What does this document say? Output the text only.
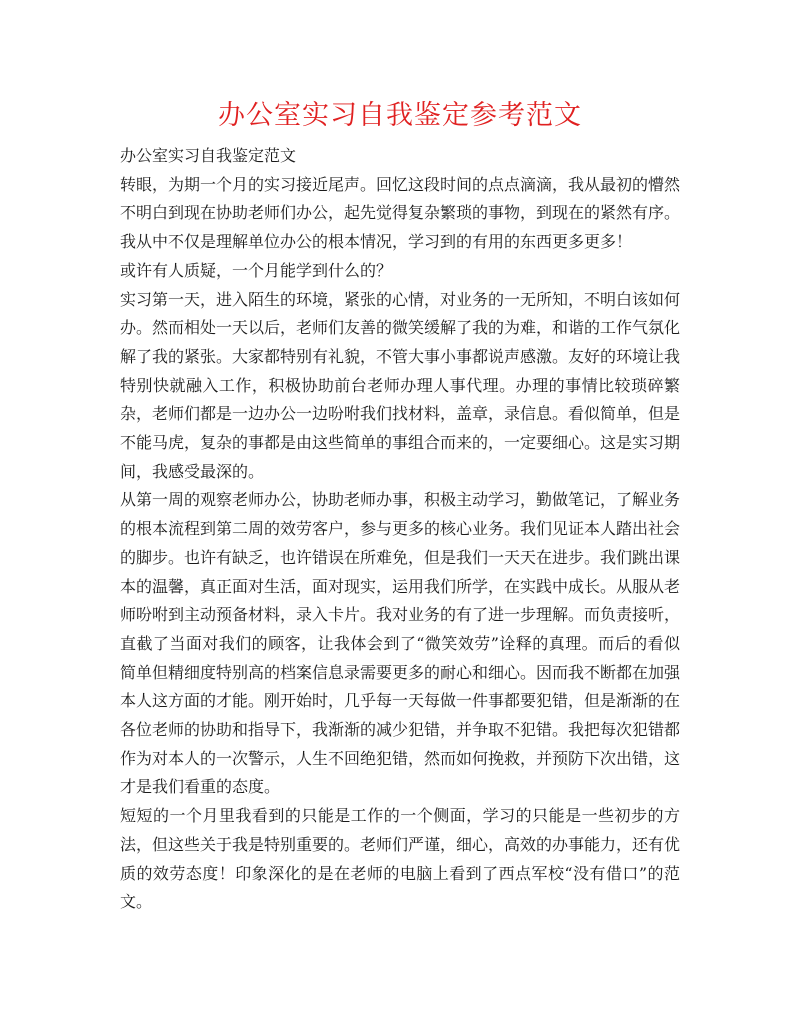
办公室实习自我鉴定参考范文

办公室实习自我鉴定范文

转眼，为期一个月的实习接近尾声。回忆这段时间的点点滴滴，我从最初的懵然不明白到现在协助老师们办公，起先觉得复杂繁琐的事物，到现在的紧然有序。我从中不仅是理解单位办公的根本情况，学习到的有用的东西更多更多！

或许有人质疑，一个月能学到什么的？

实习第一天，进入陌生的环境，紧张的心情，对业务的一无所知，不明白该如何办。然而相处一天以后，老师们友善的微笑缓解了我的为难，和谐的工作气氛化解了我的紧张。大家都特别有礼貌，不管大事小事都说声感激。友好的环境让我特别快就融入工作，积极协助前台老师办理人事代理。办理的事情比较琐碎繁杂，老师们都是一边办公一边吩咐我们找材料，盖章，录信息。看似简单，但是不能马虎，复杂的事都是由这些简单的事组合而来的，一定要细心。这是实习期间，我感受最深的。

从第一周的观察老师办公，协助老师办事，积极主动学习，勤做笔记，了解业务的根本流程到第二周的效劳客户，参与更多的核心业务。我们见证本人踏出社会的脚步。也许有缺乏，也许错误在所难免，但是我们一天天在进步。我们跳出课本的温馨，真正面对生活，面对现实，运用我们所学，在实践中成长。从服从老师吩咐到主动预备材料，录入卡片。我对业务的有了进一步理解。而负责接听，直截了当面对我们的顾客，让我体会到了“微笑效劳”诠释的真理。而后的看似简单但精细度特别高的档案信息录需要更多的耐心和细心。因而我不断都在加强本人这方面的才能。刚开始时，几乎每一天每做一件事都要犯错，但是渐渐的在各位老师的协助和指导下，我渐渐的减少犯错，并争取不犯错。我把每次犯错都作为对本人的一次警示，人生不回绝犯错，然而如何挽救，并预防下次出错，这才是我们看重的态度。

短短的一个月里我看到的只能是工作的一个侧面，学习的只能是一些初步的方法，但这些关于我是特别重要的。老师们严谨，细心，高效的办事能力，还有优质的效劳态度！印象深化的是在老师的电脑上看到了西点军校“没有借口”的范文。
